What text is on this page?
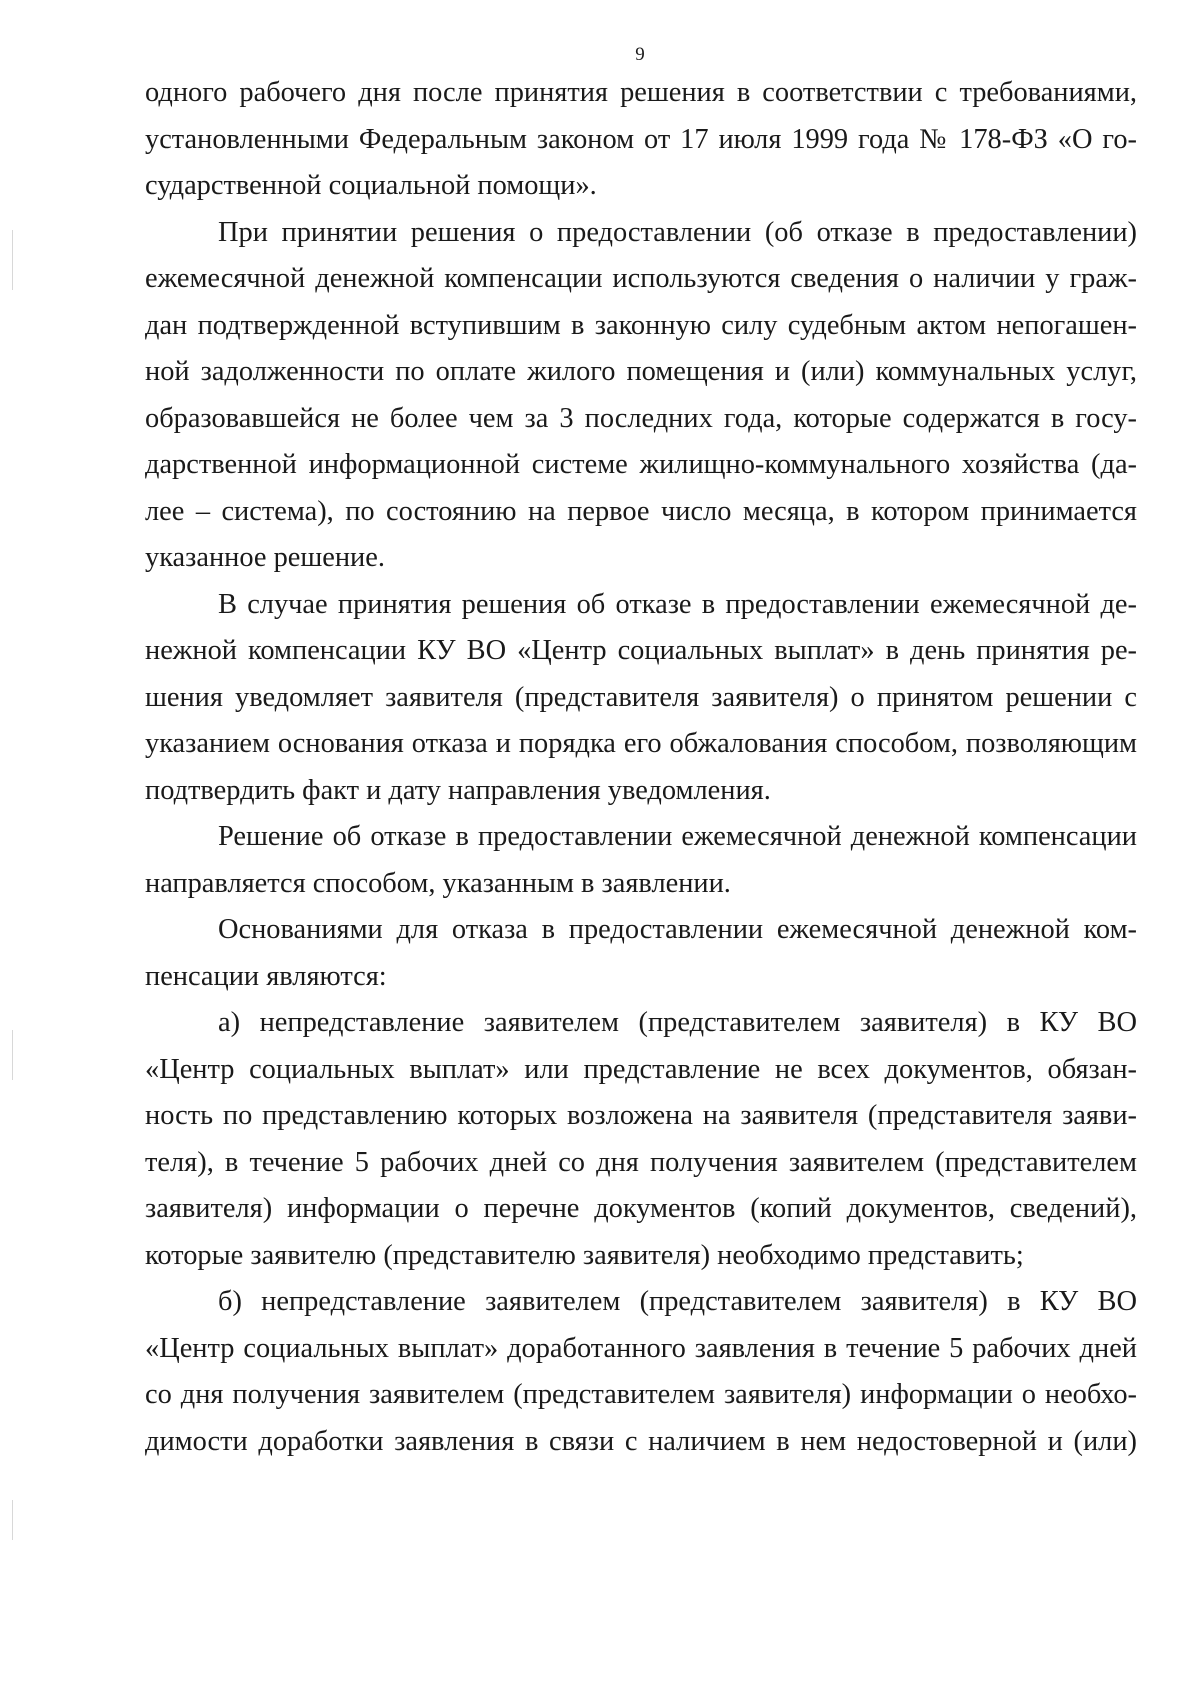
9
одного рабочего дня после принятия решения в соответствии с требованиями,
установленными Федеральным законом от 17 июля 1999 года № 178-ФЗ «О го-
сударственной социальной помощи».
При принятии решения о предоставлении (об отказе в предоставлении)
ежемесячной денежной компенсации используются сведения о наличии у граж-
дан подтвержденной вступившим в законную силу судебным актом непогашен-
ной задолженности по оплате жилого помещения и (или) коммунальных услуг,
образовавшейся не более чем за 3 последних года, которые содержатся в госу-
дарственной информационной системе жилищно-коммунального хозяйства (да-
лее – система), по состоянию на первое число месяца, в котором принимается
указанное решение.
В случае принятия решения об отказе в предоставлении ежемесячной де-
нежной компенсации КУ ВО «Центр социальных выплат» в день принятия ре-
шения уведомляет заявителя (представителя заявителя) о принятом решении с
указанием основания отказа и порядка его обжалования способом, позволяющим
подтвердить факт и дату направления уведомления.
Решение об отказе в предоставлении ежемесячной денежной компенсации
направляется способом, указанным в заявлении.
Основаниями для отказа в предоставлении ежемесячной денежной ком-
пенсации являются:
а) непредставление заявителем (представителем заявителя) в КУ ВО
«Центр социальных выплат» или представление не всех документов, обязан-
ность по представлению которых возложена на заявителя (представителя заяви-
теля), в течение 5 рабочих дней со дня получения заявителем (представителем
заявителя) информации о перечне документов (копий документов, сведений),
которые заявителю (представителю заявителя) необходимо представить;
б) непредставление заявителем (представителем заявителя) в КУ ВО
«Центр социальных выплат» доработанного заявления в течение 5 рабочих дней
со дня получения заявителем (представителем заявителя) информации о необхо-
димости доработки заявления в связи с наличием в нем недостоверной и (или)
